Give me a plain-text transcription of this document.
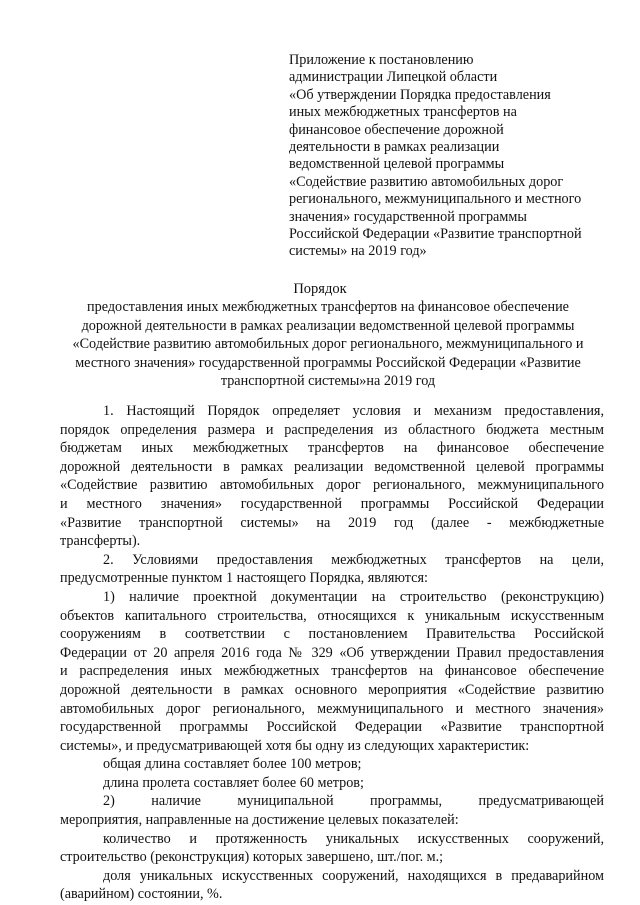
Приложение к постановлению
администрации Липецкой области
«Об утверждении Порядка предоставления
иных межбюджетных трансфертов на
финансовое обеспечение дорожной
деятельности в рамках реализации
ведомственной целевой программы
«Содействие развитию автомобильных дорог
регионального, межмуниципального и местного
значения» государственной программы
Российской Федерации «Развитие транспортной
системы» на 2019 год»
Порядок
предоставления иных межбюджетных трансфертов на финансовое обеспечение
дорожной деятельности в рамках реализации ведомственной целевой программы
«Содействие развитию автомобильных дорог регионального, межмуниципального и
местного значения» государственной программы Российской Федерации «Развитие
транспортной системы»на 2019 год
1. Настоящий Порядок определяет условия и механизм предоставления,
порядок определения размера и распределения из областного бюджета местным
бюджетам иных межбюджетных трансфертов на финансовое обеспечение
дорожной деятельности в рамках реализации ведомственной целевой программы
«Содействие развитию автомобильных дорог регионального, межмуниципального
и местного значения» государственной программы Российской Федерации
«Развитие транспортной системы» на 2019 год (далее - межбюджетные
трансферты).
2. Условиями предоставления межбюджетных трансфертов на цели,
предусмотренные пунктом 1 настоящего Порядка, являются:
1) наличие проектной документации на строительство (реконструкцию)
объектов капитального строительства, относящихся к уникальным искусственным
сооружениям в соответствии с постановлением Правительства Российской
Федерации от 20 апреля 2016 года № 329 «Об утверждении Правил предоставления
и распределения иных межбюджетных трансфертов на финансовое обеспечение
дорожной деятельности в рамках основного мероприятия «Содействие развитию
автомобильных дорог регионального, межмуниципального и местного значения»
государственной программы Российской Федерации «Развитие транспортной
системы», и предусматривающей хотя бы одну из следующих характеристик:
общая длина составляет более 100 метров;
длина пролета составляет более 60 метров;
2) наличие муниципальной программы, предусматривающей
мероприятия, направленные на достижение целевых показателей:
количество и протяженность уникальных искусственных сооружений,
строительство (реконструкция) которых завершено, шт./пог. м.;
доля уникальных искусственных сооружений, находящихся в предаварийном
(аварийном) состоянии, %.
